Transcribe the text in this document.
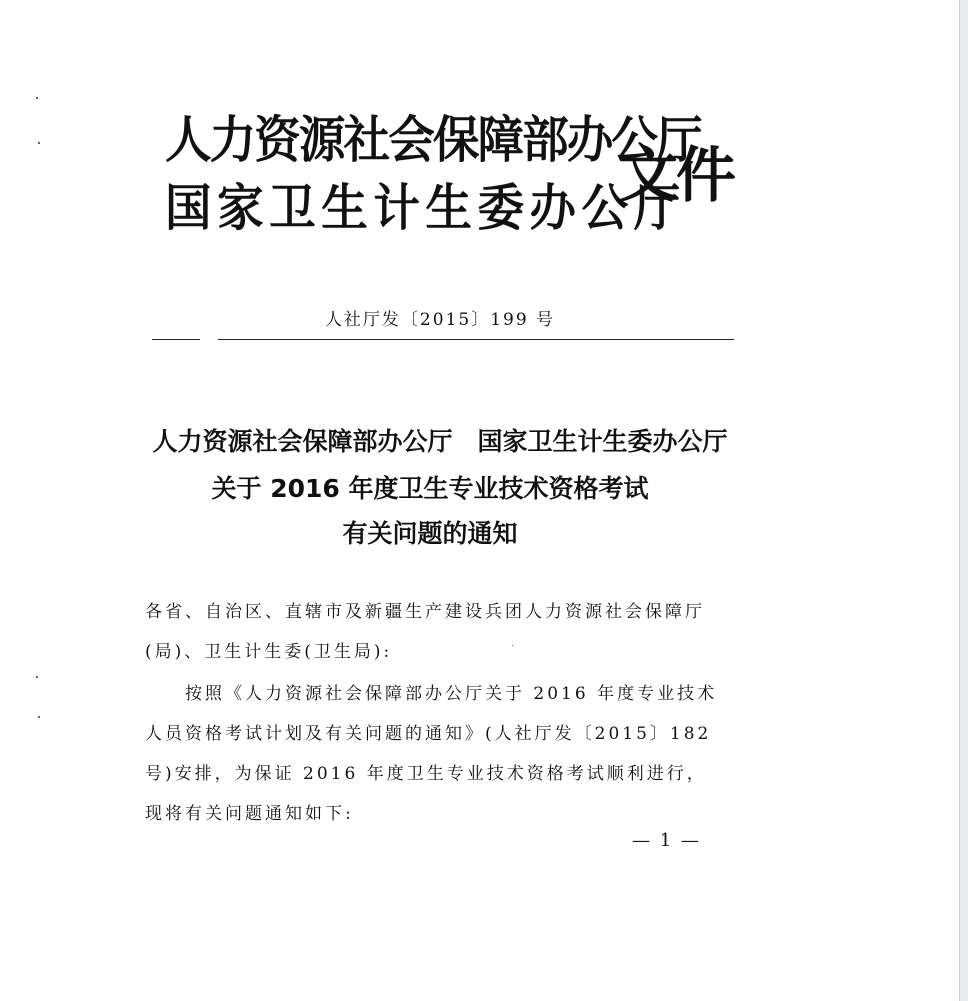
人力资源社会保障部办公厅
国家卫生计生委办公厅
文件
人社厅发〔2015〕199 号
人力资源社会保障部办公厅　国家卫生计生委办公厅
关于 2016 年度卫生专业技术资格考试
有关问题的通知
各省、自治区、直辖市及新疆生产建设兵团人力资源社会保障厅
(局)、卫生计生委(卫生局):
按照《人力资源社会保障部办公厅关于 2016 年度专业技术
人员资格考试计划及有关问题的通知》(人社厅发〔2015〕182
号)安排，为保证 2016 年度卫生专业技术资格考试顺利进行，
现将有关问题通知如下:
— 1 —
